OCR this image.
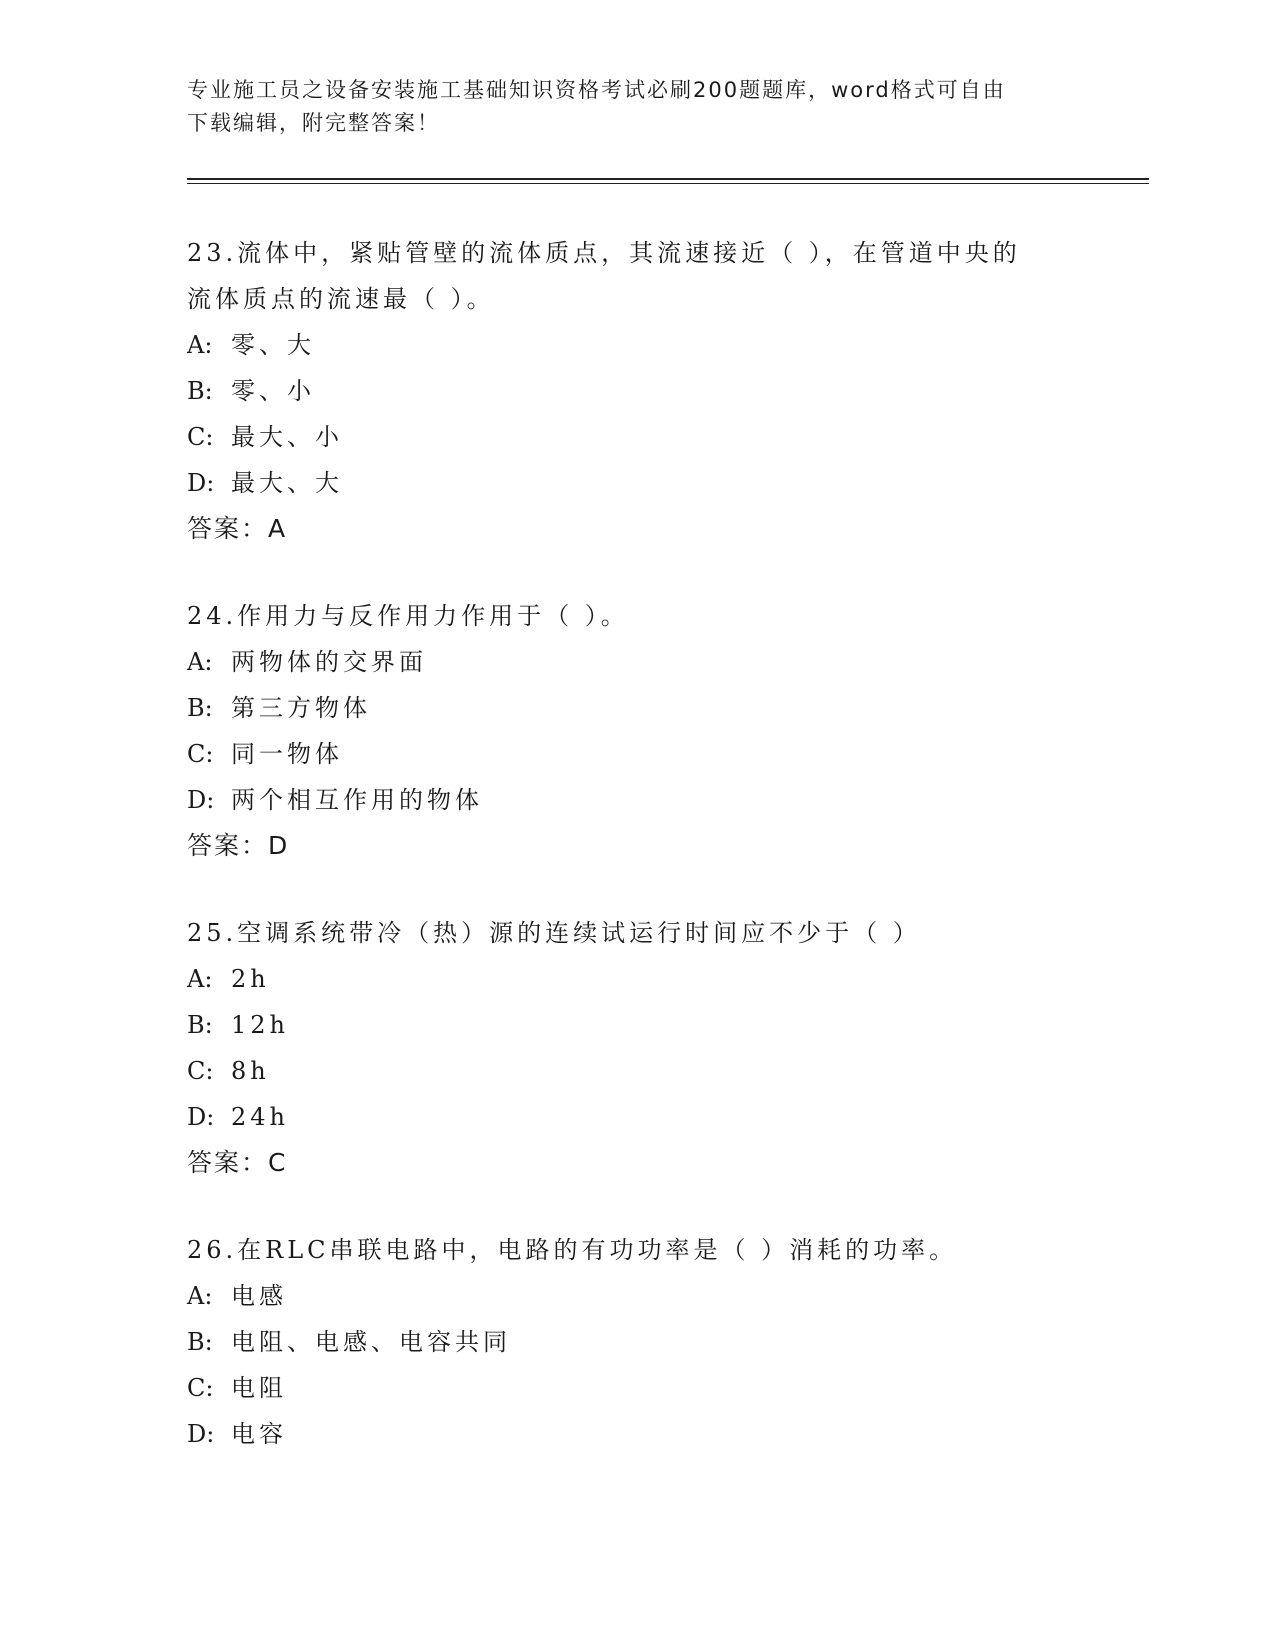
专业施工员之设备安装施工基础知识资格考试必刷200题题库，word格式可自由
下载编辑，附完整答案！
23.流体中，紧贴管壁的流体质点，其流速接近（ ），在管道中央的
流体质点的流速最（ ）。
A: 零、大
B: 零、小
C: 最大、小
D: 最大、大
答案：A
24.作用力与反作用力作用于（ ）。
A: 两物体的交界面
B: 第三方物体
C: 同一物体
D: 两个相互作用的物体
答案：D
25.空调系统带冷（热）源的连续试运行时间应不少于（ ）
A: 2h
B: 12h
C: 8h
D: 24h
答案：C
26.在RLC串联电路中，电路的有功功率是（ ）消耗的功率。
A: 电感
B: 电阻、电感、电容共同
C: 电阻
D: 电容
